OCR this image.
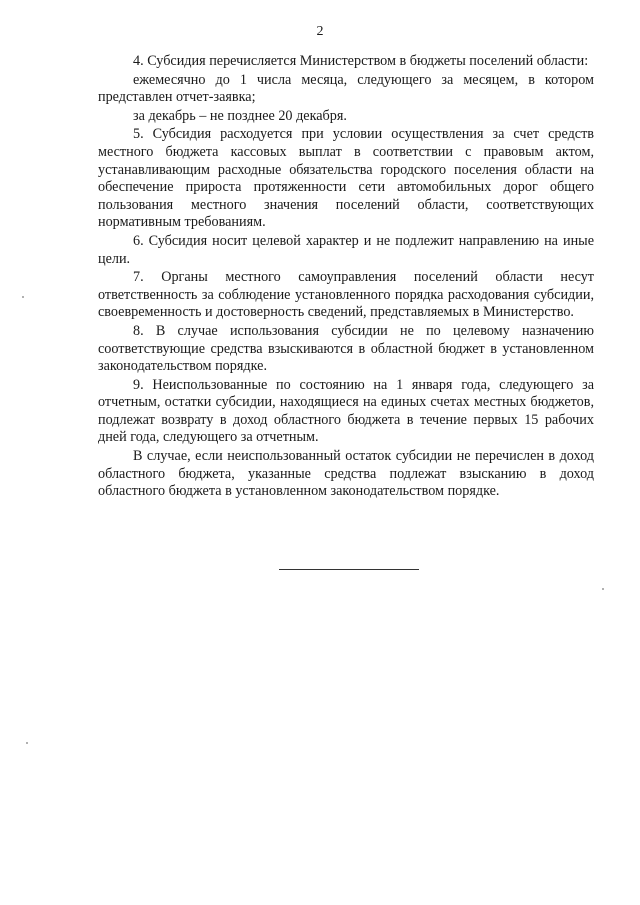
2

4. Субсидия перечисляется Министерством в бюджеты поселений области:

ежемесячно до 1 числа месяца, следующего за месяцем, в котором представлен отчет-заявка;

за декабрь – не позднее 20 декабря.

5. Субсидия расходуется при условии осуществления за счет средств местного бюджета кассовых выплат в соответствии с правовым актом, устанавливающим расходные обязательства городского поселения области на обеспечение прироста протяженности сети автомобильных дорог общего пользования местного значения поселений области, соответствующих нормативным требованиям.

6. Субсидия носит целевой характер и не подлежит направлению на иные цели.

7. Органы местного самоуправления поселений области несут ответственность за соблюдение установленного порядка расходования субсидии, своевременность и достоверность сведений, представляемых в Министерство.

8. В случае использования субсидии не по целевому назначению соответствующие средства взыскиваются в областной бюджет в установленном законодательством порядке.

9. Неиспользованные по состоянию на 1 января года, следующего за отчетным, остатки субсидии, находящиеся на единых счетах местных бюджетов, подлежат возврату в доход областного бюджета в течение первых 15 рабочих дней года, следующего за отчетным.

В случае, если неиспользованный остаток субсидии не перечислен в доход областного бюджета, указанные средства подлежат взысканию в доход областного бюджета в установленном законодательством порядке.
